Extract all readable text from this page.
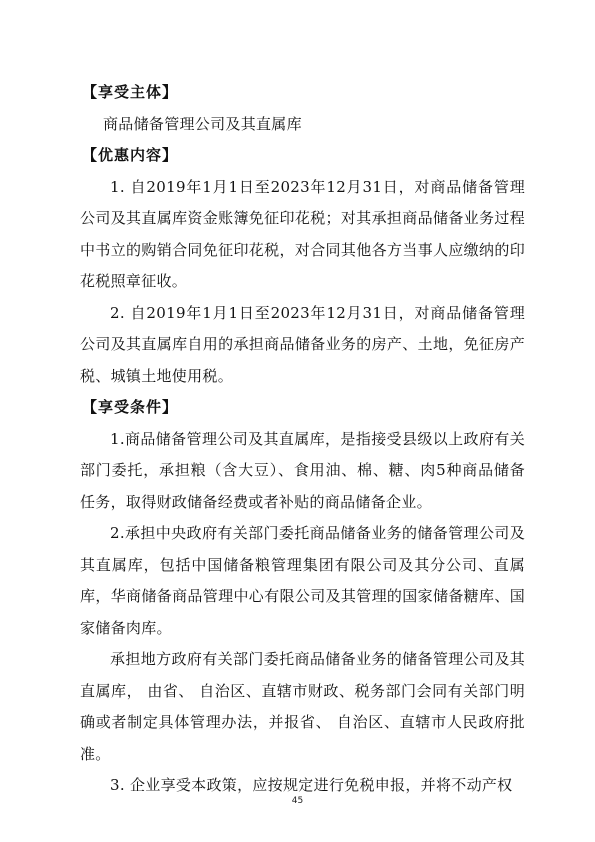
【享受主体】

商品储备管理公司及其直属库

【优惠内容】

1. 自2019年1月1日至2023年12月31日，对商品储备管理公司及其直属库资金账簿免征印花税；对其承担商品储备业务过程中书立的购销合同免征印花税，对合同其他各方当事人应缴纳的印花税照章征收。

2. 自2019年1月1日至2023年12月31日，对商品储备管理公司及其直属库自用的承担商品储备业务的房产、土地，免征房产税、城镇土地使用税。

【享受条件】

1.商品储备管理公司及其直属库，是指接受县级以上政府有关部门委托，承担粮（含大豆）、食用油、棉、糖、肉5种商品储备任务，取得财政储备经费或者补贴的商品储备企业。

2.承担中央政府有关部门委托商品储备业务的储备管理公司及其直属库，包括中国储备粮管理集团有限公司及其分公司、直属库，华商储备商品管理中心有限公司及其管理的国家储备糖库、国家储备肉库。

承担地方政府有关部门委托商品储备业务的储备管理公司及其直属库， 由省、 自治区、直辖市财政、税务部门会同有关部门明确或者制定具体管理办法，并报省、 自治区、直辖市人民政府批准。

3. 企业享受本政策，应按规定进行免税申报，并将不动产权

45
